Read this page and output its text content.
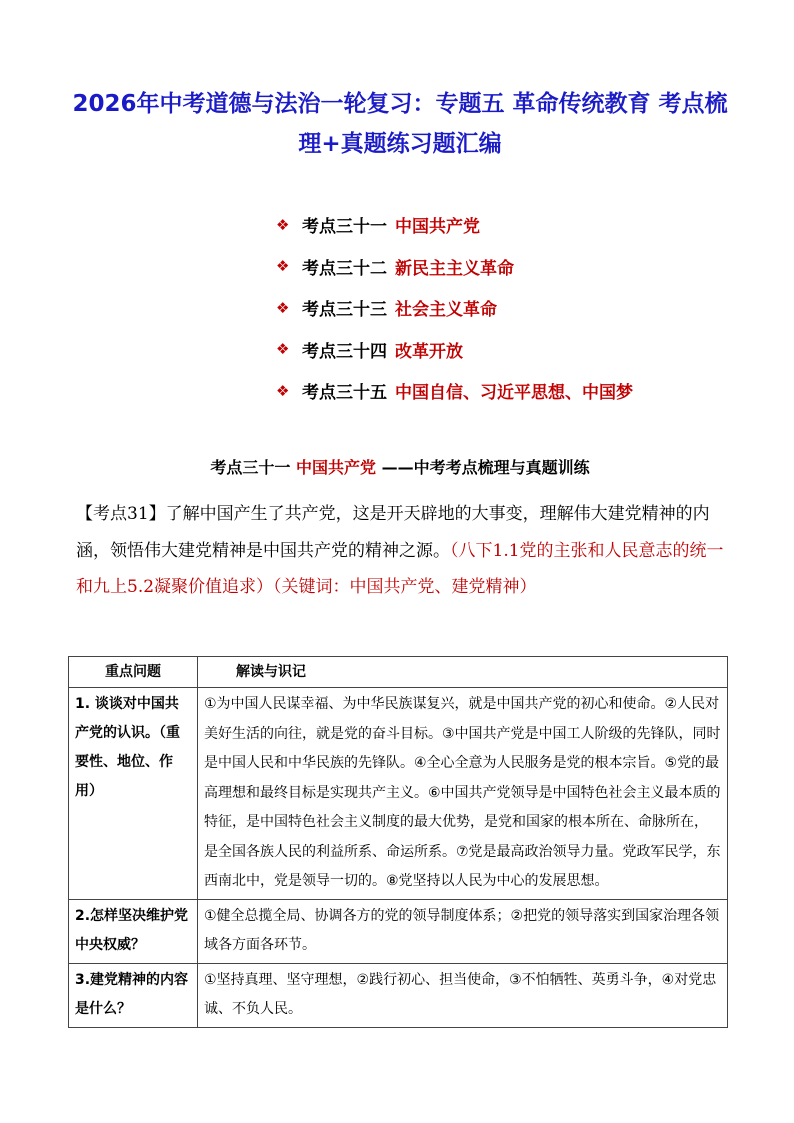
2026年中考道德与法治一轮复习：专题五 革命传统教育 考点梳理+真题练习题汇编
❖ 考点三十一 中国共产党
❖ 考点三十二 新民主主义革命
❖ 考点三十三 社会主义革命
❖ 考点三十四 改革开放
❖ 考点三十五 中国自信、习近平思想、中国梦
考点三十一 中国共产党 ——中考考点梳理与真题训练
【考点31】了解中国产生了共产党，这是开天辟地的大事变，理解伟大建党精神的内涵，领悟伟大建党精神是中国共产党的精神之源。（八下1.1党的主张和人民意志的统一和九上5.2凝聚价值追求）（关键词：中国共产党、建党精神）
重点问题	解读与识记
1. 谈谈对中国共产党的认识。（重要性、地位、作用）	①为中国人民谋幸福、为中华民族谋复兴，就是中国共产党的初心和使命。②人民对美好生活的向往，就是党的奋斗目标。③中国共产党是中国工人阶级的先锋队，同时是中国人民和中华民族的先锋队。④全心全意为人民服务是党的根本宗旨。⑤党的最高理想和最终目标是实现共产主义。⑥中国共产党领导是中国特色社会主义最本质的特征，是中国特色社会主义制度的最大优势，是党和国家的根本所在、命脉所在，是全国各族人民的利益所系、命运所系。⑦党是最高政治领导力量。党政军民学，东西南北中，党是领导一切的。⑧党坚持以人民为中心的发展思想。
2.怎样坚决维护党中央权威？	①健全总揽全局、协调各方的党的领导制度体系；②把党的领导落实到国家治理各领域各方面各环节。
3.建党精神的内容是什么？	①坚持真理、坚守理想，②践行初心、担当使命，③不怕牺牲、英勇斗争，④对党忠诚、不负人民。
